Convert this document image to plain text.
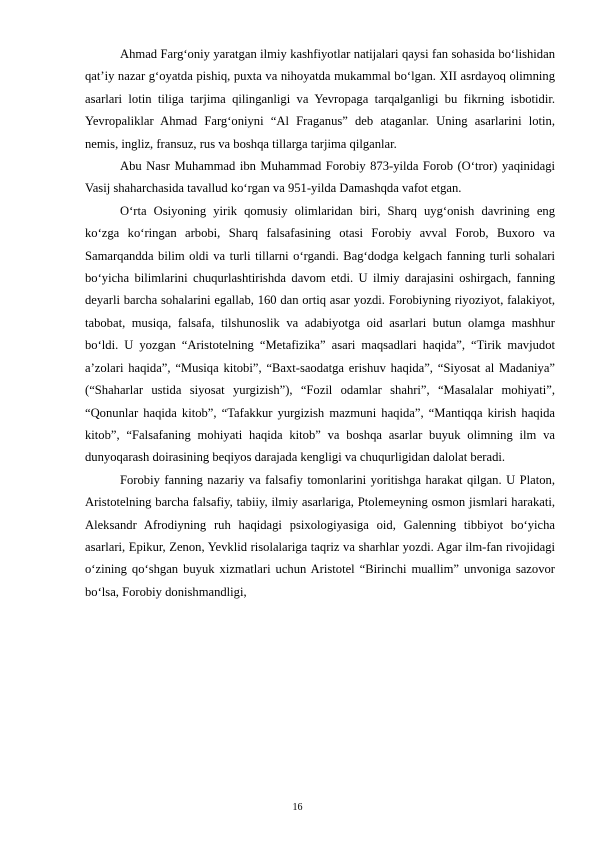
Ahmad Farg‘oniy yaratgan ilmiy kashfiyotlar natijalari qaysi fan sohasida bo‘lishidan qat’iy nazar g‘oyatda pishiq, puxta va nihoyatda mukammal bo‘lgan. XII asrdayoq olimning asarlari lotin tiliga tarjima qilinganligi va Yevropaga tarqalganligi bu fikrning isbotidir. Yevropaliklar Ahmad Farg‘oniyni “Al Fraganus” deb ataganlar. Uning asarlarini lotin, nemis, ingliz, fransuz, rus va boshqa tillarga tarjima qilganlar.

Abu Nasr Muhammad ibn Muhammad Forobiy 873-yilda Forob (O‘tror) yaqinidagi Vasij shaharchasida tavallud ko‘rgan va 951-yilda Damashqda vafot etgan.

O‘rta Osiyoning yirik qomusiy olimlaridan biri, Sharq uyg‘onish davrining eng ko‘zga ko‘ringan arbobi, Sharq falsafasining otasi Forobiy avval Forob, Buxoro va Samarqandda bilim oldi va turli tillarni o‘rgandi. Bag‘dodga kelgach fanning turli sohalari bo‘yicha bilimlarini chuqurlashtirishda davom etdi. U ilmiy darajasini oshirgach, fanning deyarli barcha sohalarini egallab, 160 dan ortiq asar yozdi. Forobiyning riyoziyot, falakiyot, tabobat, musiqa, falsafa, tilshunoslik va adabiyotga oid asarlari butun olamga mashhur bo‘ldi. U yozgan “Aristotelning “Metafizika” asari maqsadlari haqida”, “Tirik mavjudot a’zolari haqida”, “Musiqa kitobi”, “Baxt-saodatga erishuv haqida”, “Siyosat al Madaniya” (“Shaharlar ustida siyosat yurgizish”), “Fozil odamlar shahri”, “Masalalar mohiyati”, “Qonunlar haqida kitob”, “Tafakkur yurgizish mazmuni haqida”, “Mantiqqa kirish haqida kitob”, “Falsafaning mohiyati haqida kitob” va boshqa asarlar buyuk olimning ilm va dunyoqarash doirasining beqiyos darajada kengligi va chuqurligidan dalolat beradi.

Forobiy fanning nazariy va falsafiy tomonlarini yoritishga harakat qilgan. U Platon, Aristotelning barcha falsafiy, tabiiy, ilmiy asarlariga, Ptolemeyning osmon jismlari harakati, Aleksandr Afrodiyning ruh haqidagi psixologiyasiga oid, Galenning tibbiyot bo‘yicha asarlari, Epikur, Zenon, Yevklid risolalariga taqriz va sharhlar yozdi. Agar ilm-fan rivojidagi o‘zining qo‘shgan buyuk xizmatlari uchun Aristotel “Birinchi muallim” unvoniga sazovor bo‘lsa, Forobiy donishmandligi,

16
